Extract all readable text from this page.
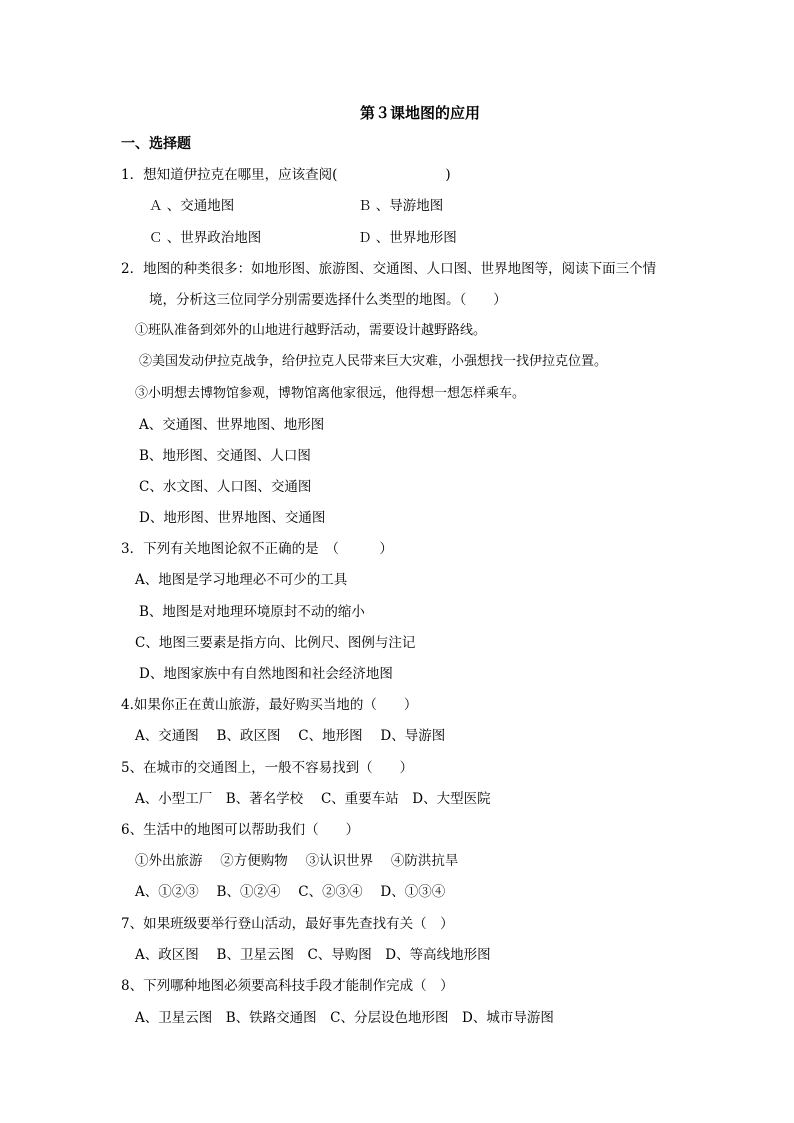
第３课地图的应用
一、选择题
1．想知道伊拉克在哪里，应该查阅(　　　　　　　　)
Ａ 、交通地图	Ｂ 、导游地图
Ｃ 、世界政治地图	Ｄ 、世界地形图
2．地图的种类很多：如地形图、旅游图、交通图、人口图、世界地图等，阅读下面三个情
境，分析这三位同学分别需要选择什么类型的地图。（　　）
①班队准备到郊外的山地进行越野活动，需要设计越野路线。
②美国发动伊拉克战争，给伊拉克人民带来巨大灾难，小强想找一找伊拉克位置。
③小明想去博物馆参观，博物馆离他家很远，他得想一想怎样乘车。
A、交通图、世界地图、地形图
B、地形图、交通图、人口图
C、水文图、人口图、交通图
D、地形图、世界地图、交通图
3．下列有关地图论叙不正确的是　（　　　）
A、地图是学习地理必不可少的工具
B、地图是对地理环境原封不动的缩小
C、地图三要素是指方向、比例尺、图例与注记
D、地图家族中有自然地图和社会经济地图
4.如果你正在黄山旅游，最好购买当地的（　　）
A、交通图　 B、政区图　 C、地形图　 D、导游图
5、在城市的交通图上，一般不容易找到（　　）
A、小型工厂　B、著名学校　 C、重要车站　D、大型医院
6、生活中的地图可以帮助我们（　　）
①外出旅游　 ②方便购物　 ③认识世界　 ④防洪抗旱
A、①②③　 B、①②④　 C、②③④　 D、①③④
7、如果班级要举行登山活动，最好事先查找有关（　）
A、政区图　 B、卫星云图　C、导购图　D、等高线地形图
8、下列哪种地图必须要高科技手段才能制作完成（　）
A、卫星云图　B、铁路交通图　C、分层设色地形图　D、城市导游图
